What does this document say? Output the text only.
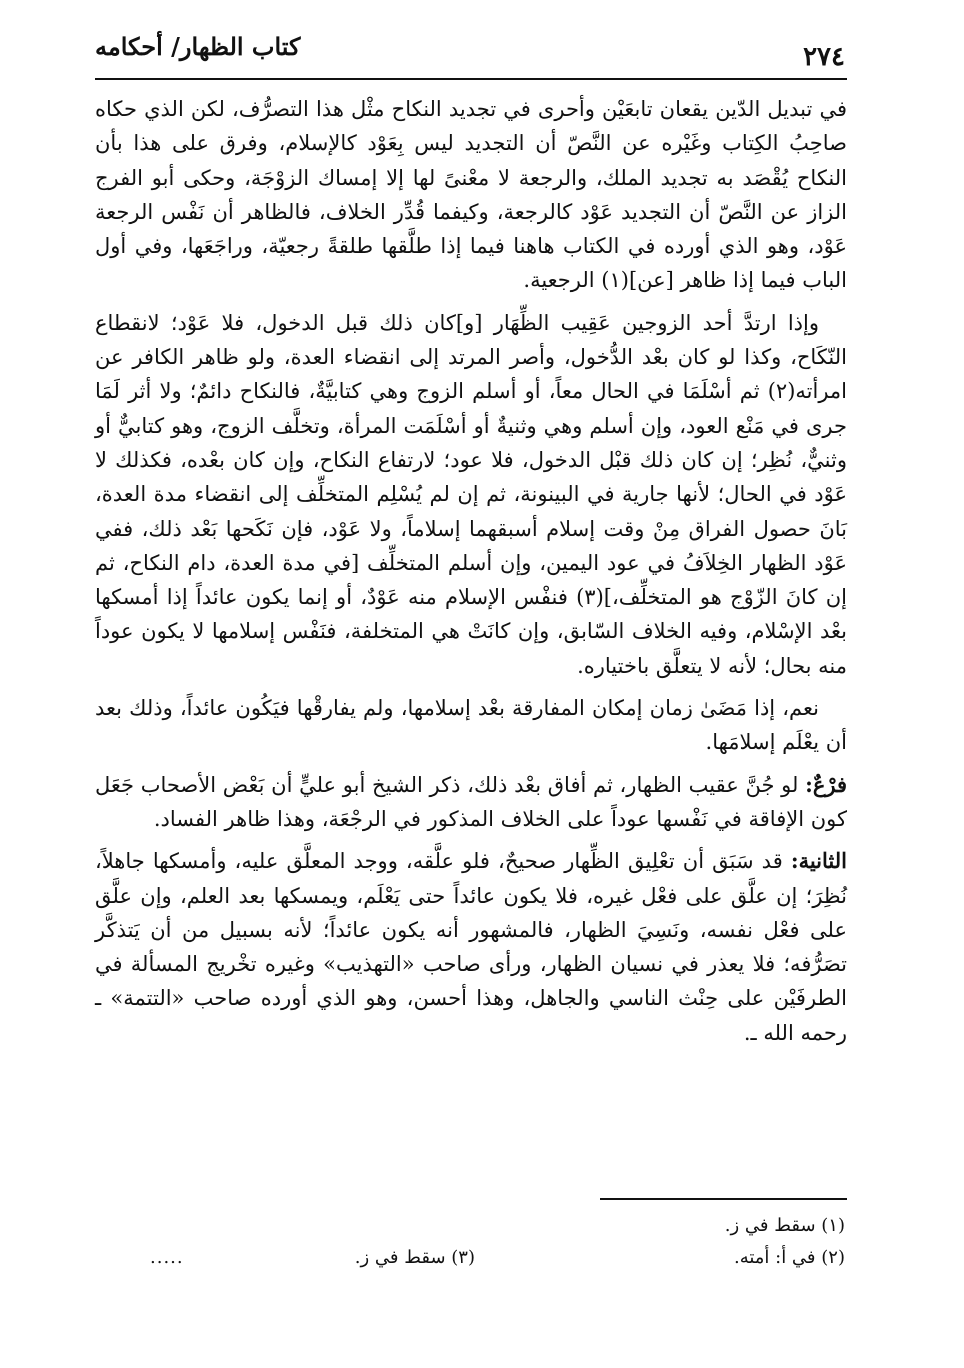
٢٧٤
كتاب الظهار/ أحكامه

في تبديل الدّين يقعان تابعَيْن وأحرى في تجديد النكاح مثْل هذا التصرُّف، لكن الذي حكاه صاحِبُ الكِتاب وغَيْره عن النَّصّ أن التجديد ليس بِعَوْد كالإسلام، وفرق على هذا بأن النكاح يُقْصَد به تجديد الملك، والرجعة لا معْنىً لها إلا إمساك الزوْجَة، وحكى أبو الفرج الزاز عن النَّصّ أن التجديد عَوْد كالرجعة، وكيفما قُدِّر الخلاف، فالظاهر أن نَفْس الرجعة عَوْد، وهو الذي أورده في الكتاب هاهنا فيما إذا طلَّقها طلقةً رجعيّة، وراجَعَها، وفي أول الباب فيما إذا ظاهر [عن](١) الرجعية.

وإذا ارتدَّ أحد الزوجين عَقِيب الظِّهَار [و]كان ذلك قبل الدخول، فلا عَوْد؛ لانقطاع النّكَاح، وكذا لو كان بعْد الدُّخول، وأصر المرتد إلى انقضاء العدة، ولو ظاهر الكافر عن امرأته(٢) ثم أسْلَمَا في الحال معاً، أو أسلم الزوج وهي كتابيَّةٌ، فالنكاح دائمٌ؛ ولا أثر لَمَا جرى في مَنْع العود، وإن أسلم وهي وثنيةٌ أو أسْلَمَت المرأة، وتخلَّف الزوج، وهو كتابيٌّ أو وثنيٌّ، نُظِر؛ إن كان ذلك قبْل الدخول، فلا عود؛ لارتفاع النكاح، وإن كان بعْده، فكذلك لا عَوْد في الحال؛ لأنها جارية في البينونة، ثم إن لم يُسْلِم المتخلِّف إلى انقضاء مدة العدة، بَانَ حصول الفراق مِنْ وقت إسلام أسبقهما إسلاماً، ولا عَوْد، فإن نَكَحها بَعْد ذلك، ففي عَوْد الظهار الخِلاَفُ في عود اليمين، وإن أسلم المتخلِّف [في مدة العدة، دام النكاح، ثم إن كانَ الزّوْج هو المتخلِّف،](٣) فنفْس الإسلام منه عَوْدٌ، أو إنما يكون عائداً إذا أمسكها بعْد الإسْلام، وفيه الخلاف السّابق، وإن كانَتْ هي المتخلفة، فنَفْس إسلامها لا يكون عوداً منه بحال؛ لأنه لا يتعلَّق باختياره.

نعم، إذا مَضَىٰ زمان إمكان المفارقة بعْد إسلامها، ولم يفارقْها فيَكُون عائداً، وذلك بعد أن يعْلَم إسلامَها.

فرْعٌ: لو جُنَّ عقيب الظهار، ثم أفاق بعْد ذلك، ذكر الشيخ أبو عليٍّ أن بَعْض الأصحاب جَعَل كون الإفاقة في نَفْسها عوداً على الخلاف المذكور في الرجْعَة، وهذا ظاهر الفساد.

الثانية: قد سَبَق أن تعْلِيق الظِّهار صحيحٌ، فلو علَّقه، ووجد المعلَّق عليه، وأمسكها جاهلاً، نُظِرَ؛ إن علَّق على فعْل غيره، فلا يكون عائداً حتى يَعْلَم، ويمسكها بعد العلم، وإن علَّق على فعْل نفسه، ونَسِيَ الظهار، فالمشهور أنه يكون عائداً؛ لأنه بسبيل من أن يَتذكَّر تصَرُّفه؛ فلا يعذر في نسيان الظهار، ورأى صاحب «التهذيب» وغيره تخْريج المسألة في الطرفَيْن على حِنْث الناسي والجاهل، وهذا أحسن، وهو الذي أورده صاحب «التتمة» ـ رحمه الله ـ.

(١) سقط في ز.
(٢) في أ: أمته.
(٣) سقط في ز.
.....
